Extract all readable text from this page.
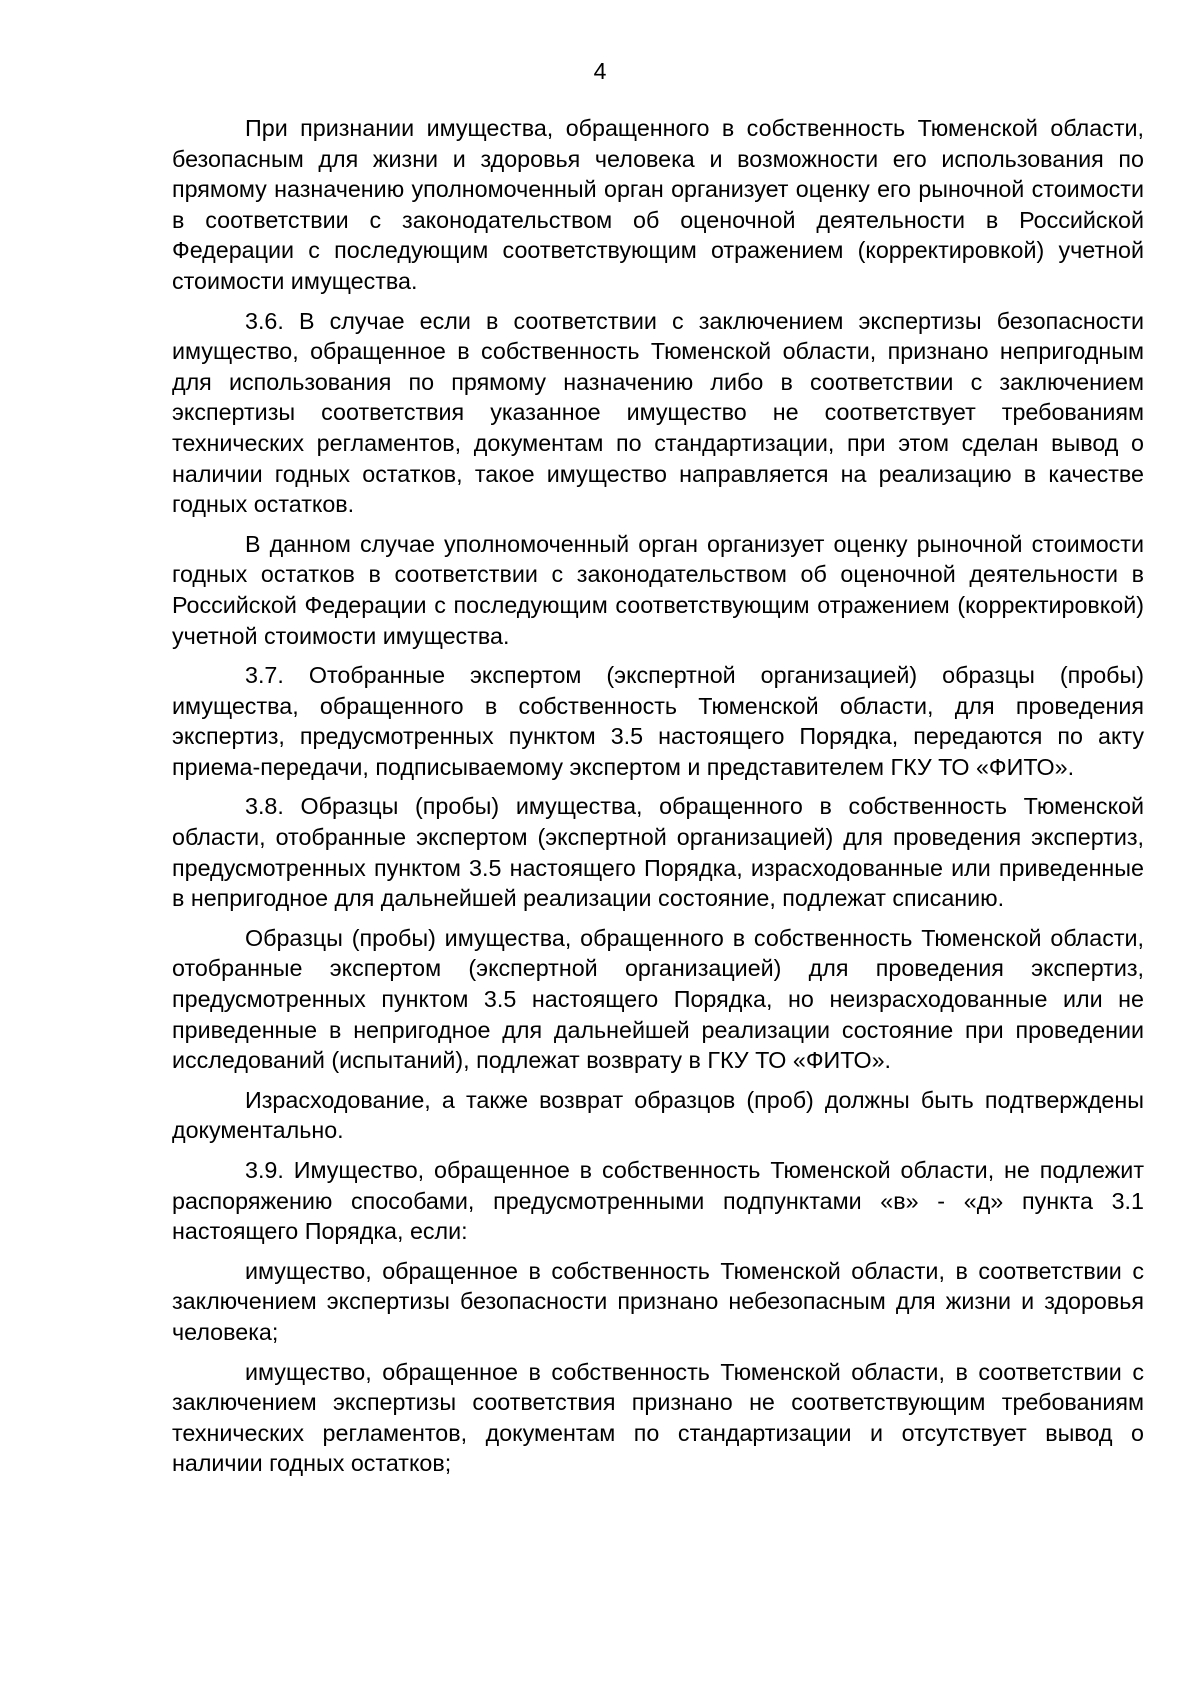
4

При признании имущества, обращенного в собственность Тюменской области, безопасным для жизни и здоровья человека и возможности его использования по прямому назначению уполномоченный орган организует оценку его рыночной стоимости в соответствии с законодательством об оценочной деятельности в Российской Федерации с последующим соответствующим отражением (корректировкой) учетной стоимости имущества.

3.6. В случае если в соответствии с заключением экспертизы безопасности имущество, обращенное в собственность Тюменской области, признано непригодным для использования по прямому назначению либо в соответствии с заключением экспертизы соответствия указанное имущество не соответствует требованиям технических регламентов, документам по стандартизации, при этом сделан вывод о наличии годных остатков, такое имущество направляется на реализацию в качестве годных остатков.

В данном случае уполномоченный орган организует оценку рыночной стоимости годных остатков в соответствии с законодательством об оценочной деятельности в Российской Федерации с последующим соответствующим отражением (корректировкой) учетной стоимости имущества.

3.7. Отобранные экспертом (экспертной организацией) образцы (пробы) имущества, обращенного в собственность Тюменской области, для проведения экспертиз, предусмотренных пунктом 3.5 настоящего Порядка, передаются по акту приема-передачи, подписываемому экспертом и представителем ГКУ ТО «ФИТО».

3.8. Образцы (пробы) имущества, обращенного в собственность Тюменской области, отобранные экспертом (экспертной организацией) для проведения экспертиз, предусмотренных пунктом 3.5 настоящего Порядка, израсходованные или приведенные в непригодное для дальнейшей реализации состояние, подлежат списанию.

Образцы (пробы) имущества, обращенного в собственность Тюменской области, отобранные экспертом (экспертной организацией) для проведения экспертиз, предусмотренных пунктом 3.5 настоящего Порядка, но неизрасходованные или не приведенные в непригодное для дальнейшей реализации состояние при проведении исследований (испытаний), подлежат возврату в ГКУ ТО «ФИТО».

Израсходование, а также возврат образцов (проб) должны быть подтверждены документально.

3.9. Имущество, обращенное в собственность Тюменской области, не подлежит распоряжению способами, предусмотренными подпунктами «в» - «д» пункта 3.1 настоящего Порядка, если:

имущество, обращенное в собственность Тюменской области, в соответствии с заключением экспертизы безопасности признано небезопасным для жизни и здоровья человека;

имущество, обращенное в собственность Тюменской области, в соответствии с заключением экспертизы соответствия признано не соответствующим требованиям технических регламентов, документам по стандартизации и отсутствует вывод о наличии годных остатков;
